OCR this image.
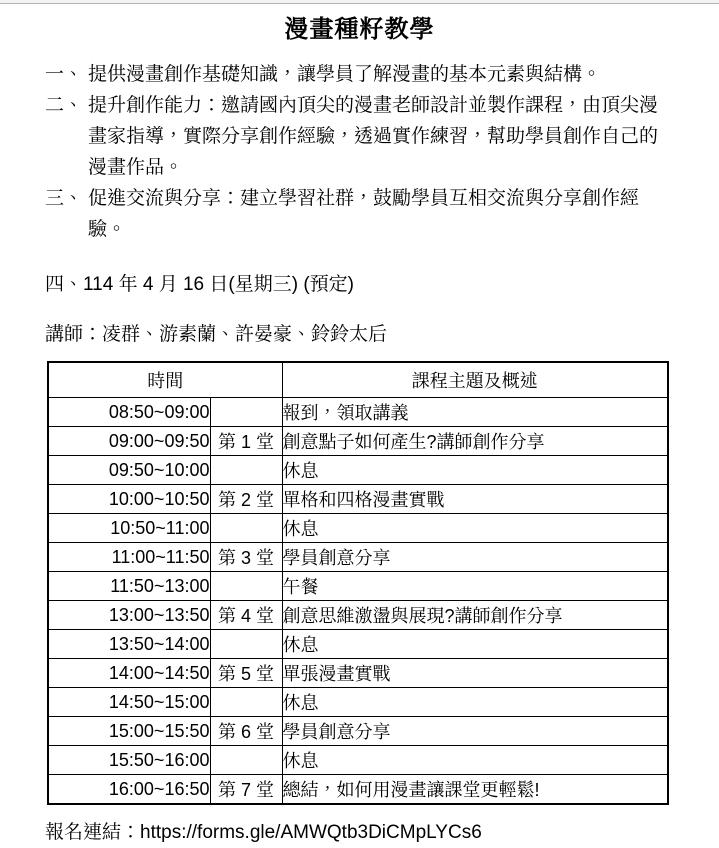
漫畫種籽教學
一、 提供漫畫創作基礎知識，讓學員了解漫畫的基本元素與結構。
二、 提升創作能力：邀請國內頂尖的漫畫老師設計並製作課程，由頂尖漫畫家指導，實際分享創作經驗，透過實作練習，幫助學員創作自己的漫畫作品。
三、 促進交流與分享：建立學習社群，鼓勵學員互相交流與分享創作經驗。
四、114 年 4 月 16 日(星期三) (預定)
講師：凌群、游素蘭、許晏豪、鈴鈴太后
時間		課程主題及概述
08:50~09:00		報到，領取講義
09:00~09:50	第 1 堂	創意點子如何產生?講師創作分享
09:50~10:00		休息
10:00~10:50	第 2 堂	單格和四格漫畫實戰
10:50~11:00		休息
11:00~11:50	第 3 堂	學員創意分享
11:50~13:00		午餐
13:00~13:50	第 4 堂	創意思維激盪與展現?講師創作分享
13:50~14:00		休息
14:00~14:50	第 5 堂	單張漫畫實戰
14:50~15:00		休息
15:00~15:50	第 6 堂	學員創意分享
15:50~16:00		休息
16:00~16:50	第 7 堂	總結，如何用漫畫讓課堂更輕鬆!
報名連結：https://forms.gle/AMWQtb3DiCMpLYCs6
